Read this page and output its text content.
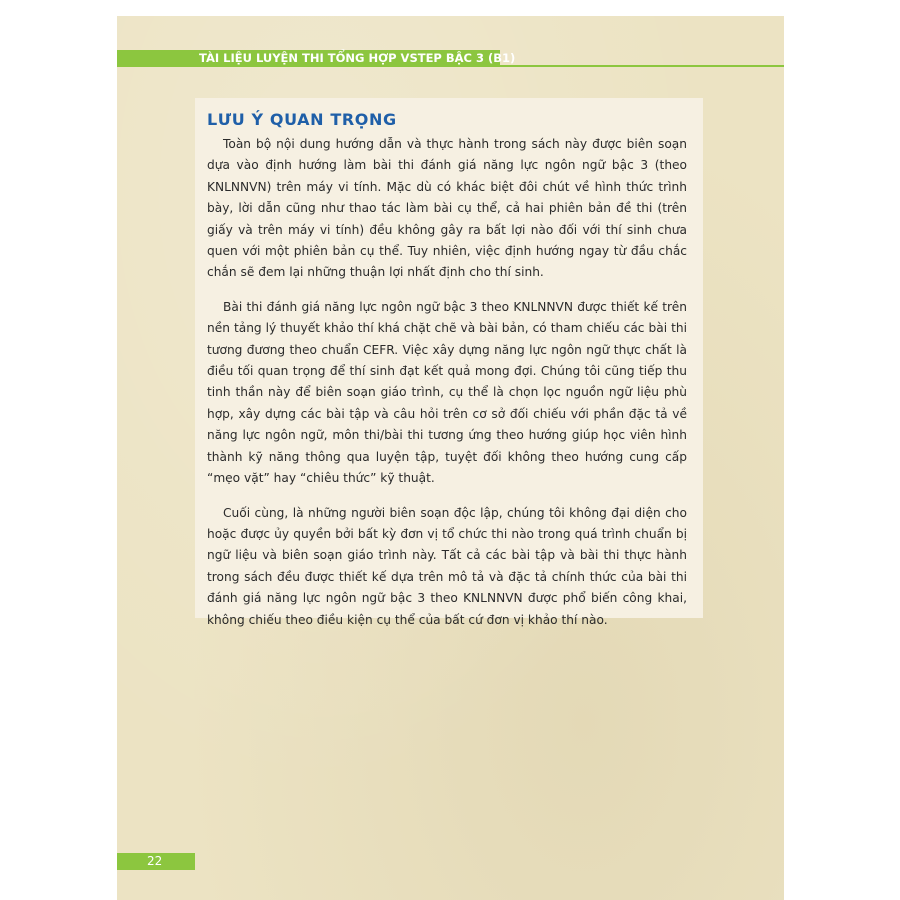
TÀI LIỆU LUYỆN THI TỔNG HỢP VSTEP BẬC 3 (B1)
LƯU Ý QUAN TRỌNG

Toàn bộ nội dung hướng dẫn và thực hành trong sách này được biên soạn dựa vào định hướng làm bài thi đánh giá năng lực ngôn ngữ bậc 3 (theo KNLNNVN) trên máy vi tính. Mặc dù có khác biệt đôi chút về hình thức trình bày, lời dẫn cũng như thao tác làm bài cụ thể, cả hai phiên bản đề thi (trên giấy và trên máy vi tính) đều không gây ra bất lợi nào đối với thí sinh chưa quen với một phiên bản cụ thể. Tuy nhiên, việc định hướng ngay từ đầu chắc chắn sẽ đem lại những thuận lợi nhất định cho thí sinh.

Bài thi đánh giá năng lực ngôn ngữ bậc 3 theo KNLNNVN được thiết kế trên nền tảng lý thuyết khảo thí khá chặt chẽ và bài bản, có tham chiếu các bài thi tương đương theo chuẩn CEFR. Việc xây dựng năng lực ngôn ngữ thực chất là điều tối quan trọng để thí sinh đạt kết quả mong đợi. Chúng tôi cũng tiếp thu tinh thần này để biên soạn giáo trình, cụ thể là chọn lọc nguồn ngữ liệu phù hợp, xây dựng các bài tập và câu hỏi trên cơ sở đối chiếu với phần đặc tả về năng lực ngôn ngữ, môn thi/bài thi tương ứng theo hướng giúp học viên hình thành kỹ năng thông qua luyện tập, tuyệt đối không theo hướng cung cấp “mẹo vặt” hay “chiêu thức” kỹ thuật.

Cuối cùng, là những người biên soạn độc lập, chúng tôi không đại diện cho hoặc được ủy quyền bởi bất kỳ đơn vị tổ chức thi nào trong quá trình chuẩn bị ngữ liệu và biên soạn giáo trình này. Tất cả các bài tập và bài thi thực hành trong sách đều được thiết kế dựa trên mô tả và đặc tả chính thức của bài thi đánh giá năng lực ngôn ngữ bậc 3 theo KNLNNVN được phổ biến công khai, không chiếu theo điều kiện cụ thể của bất cứ đơn vị khảo thí nào.

22
